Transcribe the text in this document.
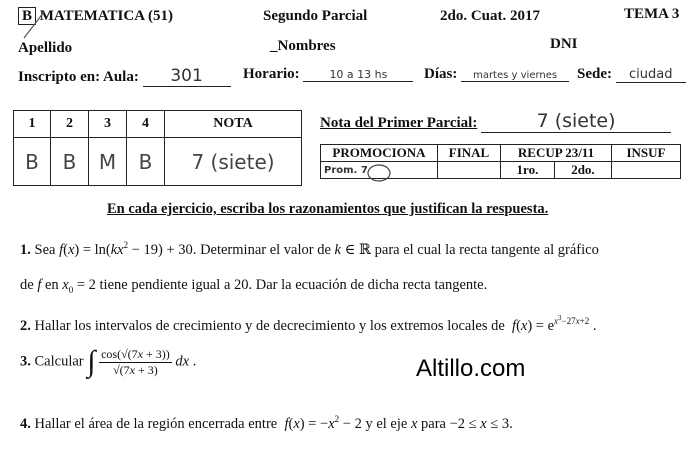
B MATEMATICA (51)	Segundo Parcial	2do. Cuat. 2017	TEMA 3
Apellido	_Nombres	DNI
Inscripto en: Aula: 301	Horario:	10 a 13 hs	Días: martes y viernes	Sede: ciudad
1	2	3	4	NOTA
B	B	M	B	7 (siete)
Nota del Primer Parcial:	7 (siete)
PROMOCIONA	FINAL	RECUP 23/11		INSUF
Prom. 7		1ro.	2do.	
En cada ejercicio, escriba los razonamientos que justifican la respuesta.
1. Sea $f(x) = \ln(kx^2 - 19) + 30$. Determinar el valor de k ∈ ℝ para el cual la recta tangente al gráfico
de f en $x_0 = 2$ tiene pendiente igual a 20. Dar la ecuación de dicha recta tangente.
2. Hallar los intervalos de crecimiento y de decrecimiento y los extremos locales de $f(x) = e^{x^3-27x+2}$ .
3. Calcular ∫ $\frac{\cos(√(7x + 3))}{√(7x + 3)}$ dx .	Altillo.com
4. Hallar el área de la región encerrada entre $f(x) = -x^2 - 2$ y el eje x para −2 ≤ x ≤ 3.
